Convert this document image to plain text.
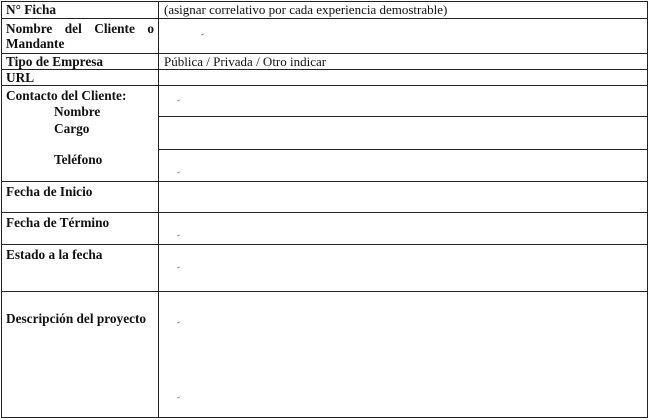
N° Ficha	(asignar correlativo por cada experiencia demostrable)
Nombre del Cliente o
Mandante
Tipo de Empresa	Pública / Privada / Otro indicar
URL
Contacto del Cliente:
Nombre
Cargo
Teléfono
Fecha de Inicio
Fecha de Término
Estado a la fecha
Descripción del proyecto
